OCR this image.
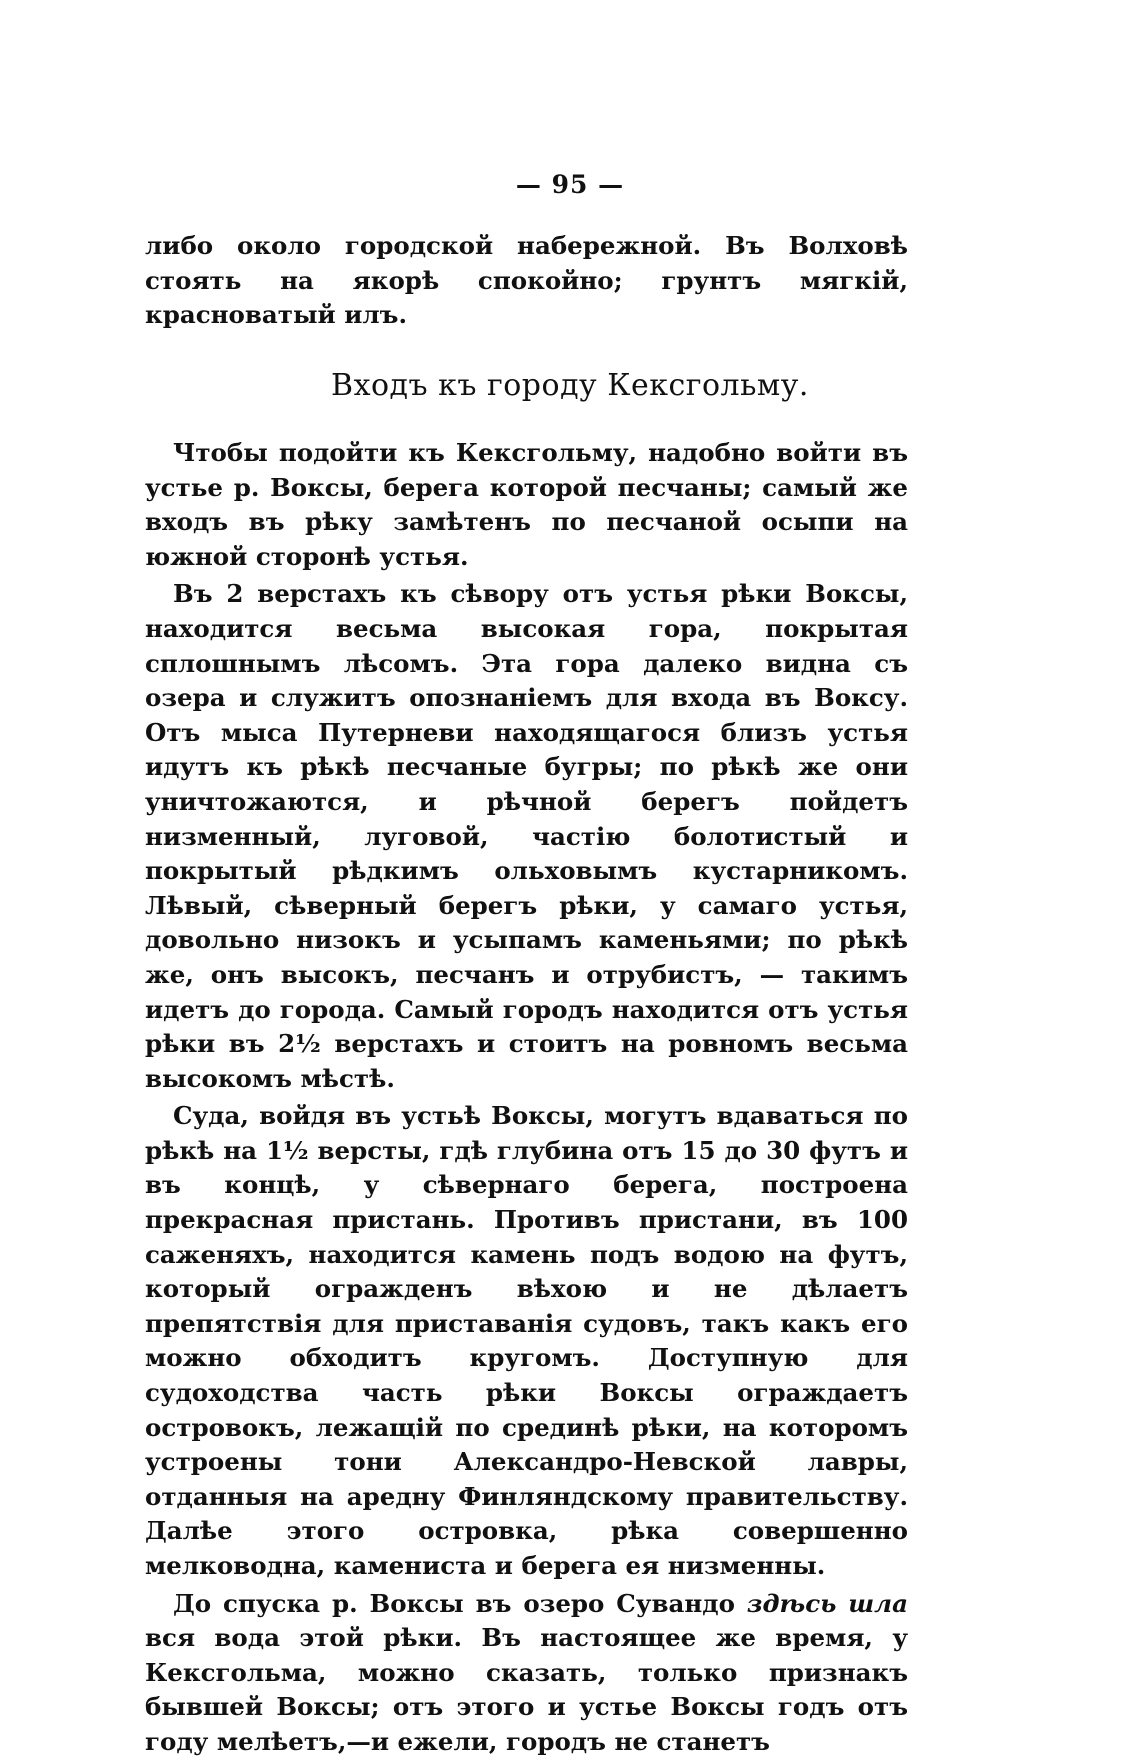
— 95 —

либо около городской набережной. Въ Волховѣ стоять на якорѣ спокойно; грунтъ мягкій, красноватый илъ.

Входъ къ городу Кексгольму.

Чтобы подойти къ Кексгольму, надобно войти въ устье р. Воксы, берега которой песчаны; самый же входъ въ рѣку замѣтенъ по песчаной осыпи на южной сторонѣ устья.

Въ 2 верстахъ къ сѣвору отъ устья рѣки Воксы, находится весьма высокая гора, покрытая сплошнымъ лѣсомъ. Эта гора далеко видна съ озера и служитъ опознаніемъ для входа въ Воксу. Отъ мыса Путерневи находящагося близъ устья идутъ къ рѣкѣ песчаные бугры; по рѣкѣ же они уничтожаются, и рѣчной берегъ пойдетъ низменный, луговой, частію болотистый и покрытый рѣдкимъ ольховымъ кустарникомъ. Лѣвый, сѣверный берегъ рѣки, у самаго устья, довольно низокъ и усыпамъ каменьями; по рѣкѣ же, онъ высокъ, песчанъ и отрубистъ, — такимъ идетъ до города. Самый городъ находится отъ устья рѣки въ 2½ верстахъ и стоитъ на ровномъ весьма высокомъ мѣстѣ.

Суда, войдя въ устьѣ Воксы, могутъ вдаваться по рѣкѣ на 1½ версты, гдѣ глубина отъ 15 до 30 футъ и въ концѣ, у сѣвернаго берега, построена прекрасная пристань. Противъ пристани, въ 100 саженяхъ, находится камень подъ водою на футъ, который огражденъ вѣхою и не дѣлаетъ препятствія для приставанія судовъ, такъ какъ его можно обходитъ кругомъ. Доступную для судоходства часть рѣки Воксы ограждаетъ островокъ, лежащій по срединѣ рѣки, на которомъ устроены тони Александро-Невской лавры, отданныя на аредну Финляндскому правительству. Далѣе этого островка, рѣка совершенно мелководна, камениста и берега ея низменны.

До спуска р. Воксы въ озеро Сувандо здѣсь шла вся вода этой рѣки. Въ настоящее же время, у Кексгольма, можно сказать, только признакъ бывшей Воксы; отъ этого и устье Воксы годъ отъ году мелѣетъ,—и ежели, городъ не станетъ
